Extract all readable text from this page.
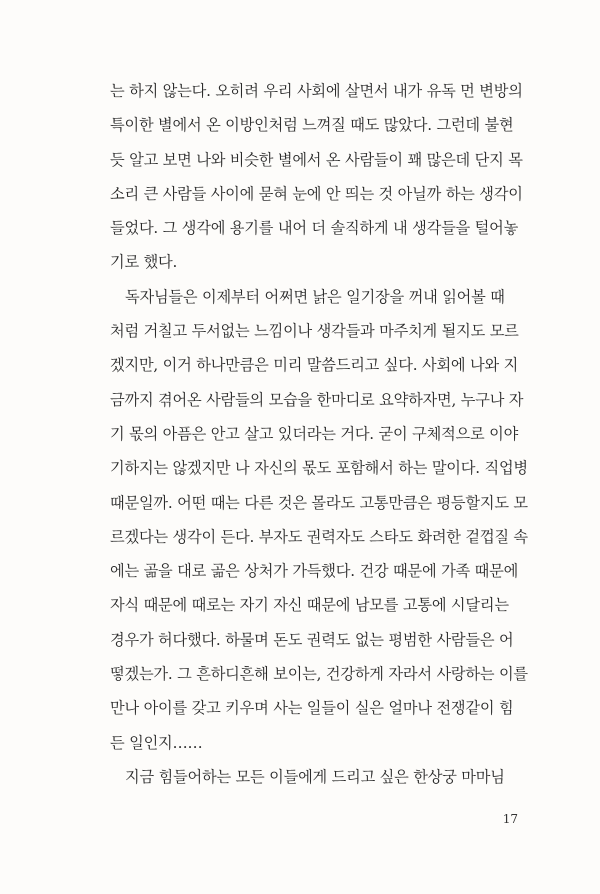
는 하지 않는다. 오히려 우리 사회에 살면서 내가 유독 먼 변방의
특이한 별에서 온 이방인처럼 느껴질 때도 많았다. 그런데 불현
듯 알고 보면 나와 비슷한 별에서 온 사람들이 꽤 많은데 단지 목
소리 큰 사람들 사이에 묻혀 눈에 안 띄는 것 아닐까 하는 생각이
들었다. 그 생각에 용기를 내어 더 솔직하게 내 생각들을 털어놓
기로 했다.
독자님들은 이제부터 어쩌면 낡은 일기장을 꺼내 읽어볼 때
처럼 거칠고 두서없는 느낌이나 생각들과 마주치게 될지도 모르
겠지만, 이거 하나만큼은 미리 말씀드리고 싶다. 사회에 나와 지
금까지 겪어온 사람들의 모습을 한마디로 요약하자면, 누구나 자
기 몫의 아픔은 안고 살고 있더라는 거다. 굳이 구체적으로 이야
기하지는 않겠지만 나 자신의 몫도 포함해서 하는 말이다. 직업병
때문일까. 어떤 때는 다른 것은 몰라도 고통만큼은 평등할지도 모
르겠다는 생각이 든다. 부자도 권력자도 스타도 화려한 겉껍질 속
에는 곪을 대로 곪은 상처가 가득했다. 건강 때문에 가족 때문에
자식 때문에 때로는 자기 자신 때문에 남모를 고통에 시달리는
경우가 허다했다. 하물며 돈도 권력도 없는 평범한 사람들은 어
떻겠는가. 그 흔하디흔해 보이는, 건강하게 자라서 사랑하는 이를
만나 아이를 갖고 키우며 사는 일들이 실은 얼마나 전쟁같이 힘
든 일인지……
지금 힘들어하는 모든 이들에게 드리고 싶은 한상궁 마마님
17
